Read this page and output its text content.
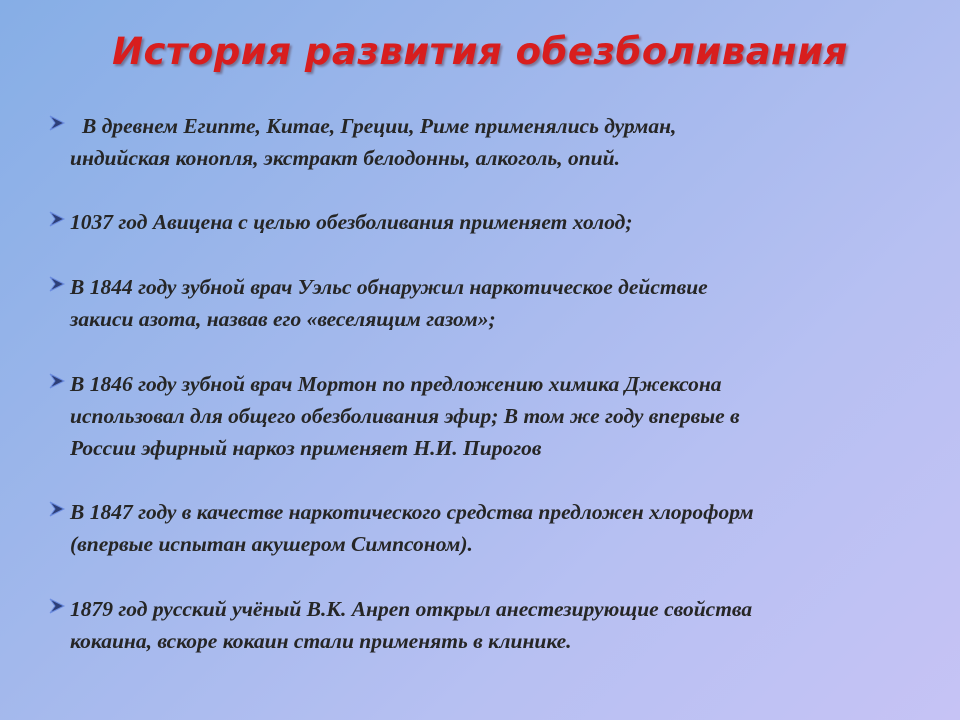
История развития обезболивания
В древнем Египте, Китае, Греции, Риме применялись дурман,
индийская конопля, экстракт белодонны, алкоголь, опий.
1037 год Авицена с целью обезболивания применяет холод;
В 1844 году зубной врач Уэльс обнаружил наркотическое действие
закиси азота, назвав его «веселящим газом»;
В 1846 году зубной врач Мортон по предложению химика Джексона
использовал для общего обезболивания эфир; В том же году впервые в
России эфирный наркоз применяет Н.И. Пирогов
В 1847 году в качестве наркотического средства предложен хлороформ
(впервые испытан акушером Симпсоном).
1879 год русский учёный В.К. Анреп открыл анестезирующие свойства
кокаина, вскоре кокаин стали применять в клинике.
